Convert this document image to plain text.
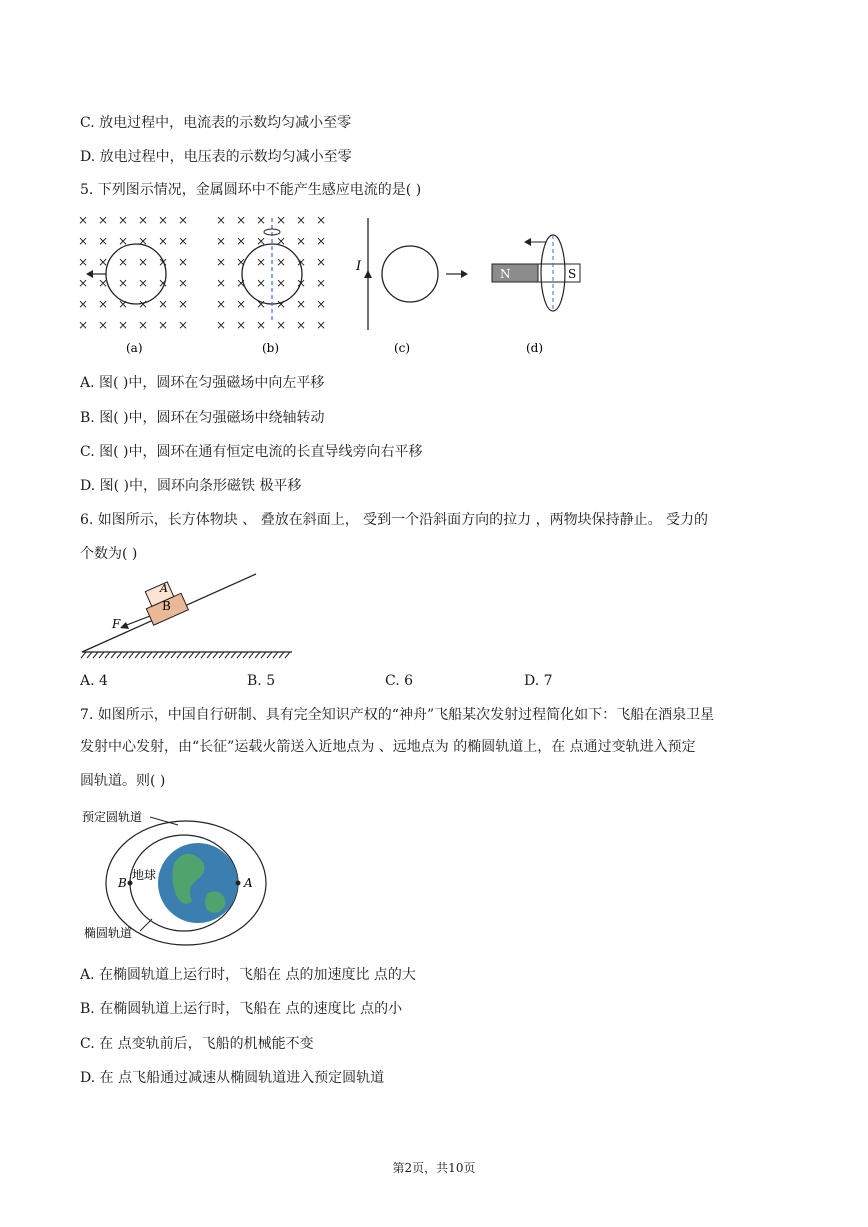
C. 放电过程中，电流表的示数均匀减小至零
D. 放电过程中，电压表的示数均匀减小至零
5. 下列图示情况，金属圆环中不能产生感应电流的是( )
× × × × × ×
× × × × × ×
× × × × × ×
× × × × × ×
× × × × × ×
× × × × × ×
× × × × × ×
× × × × × ×
× × × × × ×
× × × × × ×
× × × × × ×
× × × × × ×
I	N	S
(a)	(b)	(c)	(d)
A. 图( )中，圆环在匀强磁场中向左平移
B. 图( )中，圆环在匀强磁场中绕轴转动
C. 图( )中，圆环在通有恒定电流的长直导线旁向右平移
D. 图( )中，圆环向条形磁铁 极平移
6. 如图所示，长方体物块 、 叠放在斜面上， 受到一个沿斜面方向的拉力 ，两物块保持静止。 受力的
个数为( )
B
A
F
A. 4	B. 5	C. 6	D. 7
7. 如图所示，中国自行研制、具有完全知识产权的“神舟”飞船某次发射过程简化如下：飞船在酒泉卫星
发射中心发射，由“长征”运载火箭送入近地点为 、远地点为 的椭圆轨道上，在 点通过变轨进入预定
圆轨道。则( )
B	A
地球
预定圆轨道
椭圆轨道
A. 在椭圆轨道上运行时，飞船在 点的加速度比 点的大
B. 在椭圆轨道上运行时，飞船在 点的速度比 点的小
C. 在 点变轨前后，飞船的机械能不变
D. 在 点飞船通过减速从椭圆轨道进入预定圆轨道
第2页，共10页
